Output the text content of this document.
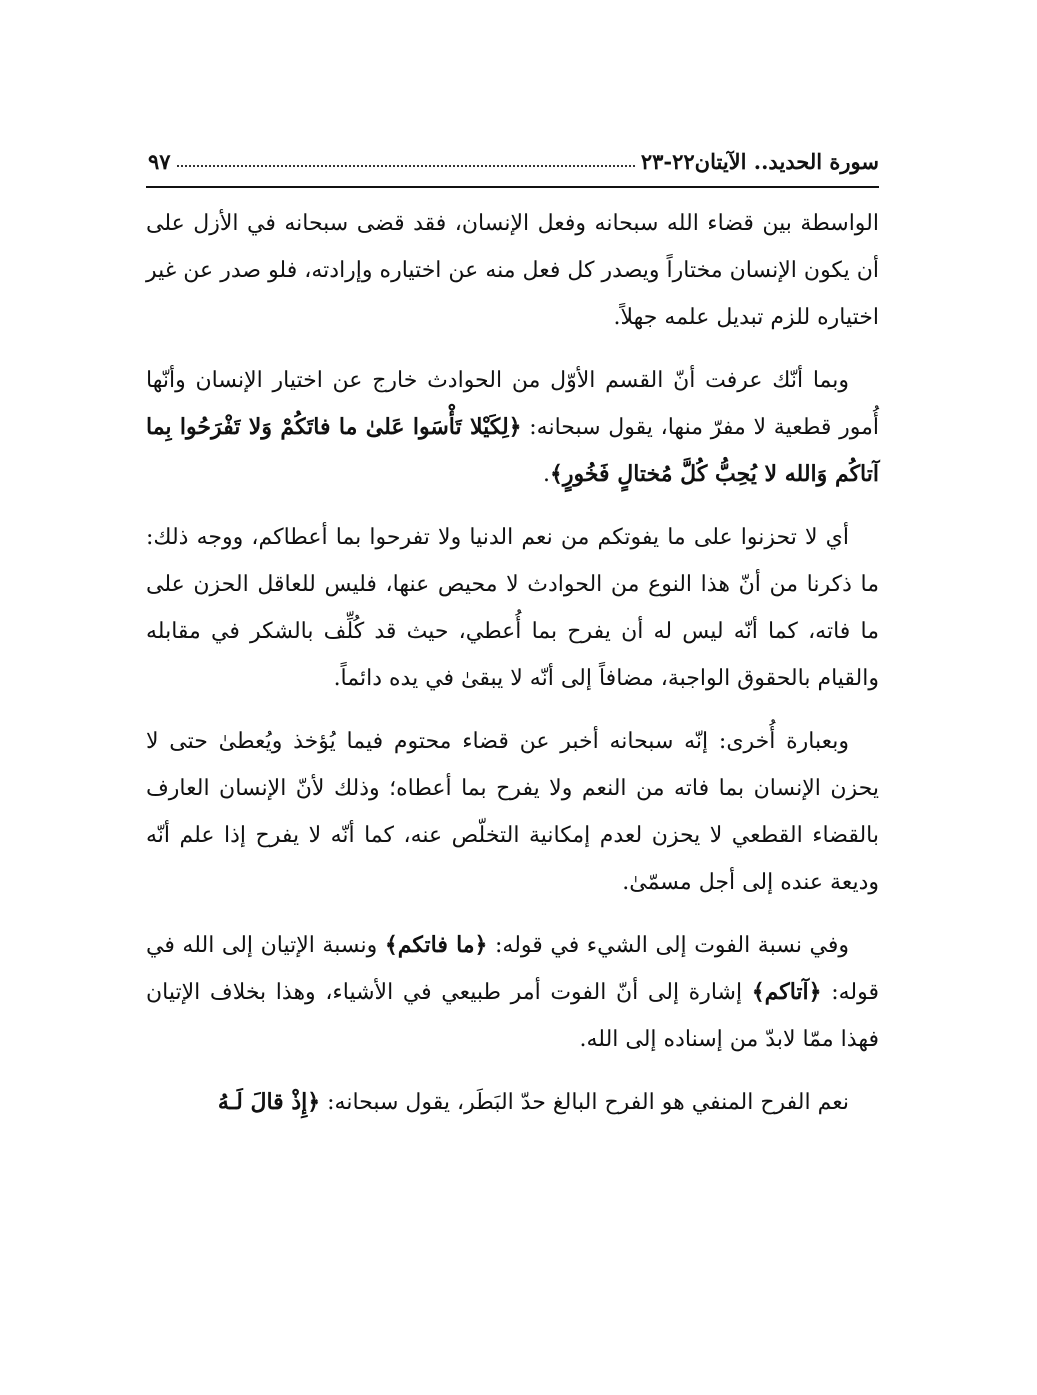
سورة الحديد.. الآيتان٢٢-٢٣
٩٧

الواسطة بين قضاء الله سبحانه وفعل الإنسان، فقد قضى سبحانه في الأزل على أن يكون الإنسان مختاراً ويصدر كل فعل منه عن اختياره وإرادته، فلو صدر عن غير اختياره للزم تبديل علمه جهلاً.

وبما أنّك عرفت أنّ القسم الأوّل من الحوادث خارج عن اختيار الإنسان وأنّها أُمور قطعية لا مفرّ منها، يقول سبحانه: ﴿لِكَيْلا تَأْسَوا عَلىٰ ما فاتَكُمْ وَلا تَفْرَحُوا بِما آتاكُم وَالله لا يُحِبُّ كُلَّ مُختالٍ فَخُورٍ﴾.

أي لا تحزنوا على ما يفوتكم من نعم الدنيا ولا تفرحوا بما أعطاكم، ووجه ذلك: ما ذكرنا من أنّ هذا النوع من الحوادث لا محيص عنها، فليس للعاقل الحزن على ما فاته، كما أنّه ليس له أن يفرح بما أُعطي، حيث قد كُلِّف بالشكر في مقابله والقيام بالحقوق الواجبة، مضافاً إلى أنّه لا يبقىٰ في يده دائماً.

وبعبارة أُخرى: إنّه سبحانه أخبر عن قضاء محتوم فيما يُؤخذ ويُعطىٰ حتى لا يحزن الإنسان بما فاته من النعم ولا يفرح بما أعطاه؛ وذلك لأنّ الإنسان العارف بالقضاء القطعي لا يحزن لعدم إمكانية التخلّص عنه، كما أنّه لا يفرح إذا علم أنّه وديعة عنده إلى أجل مسمّىٰ.

وفي نسبة الفوت إلى الشيء في قوله: ﴿ما فاتكم﴾ ونسبة الإتيان إلى الله في قوله: ﴿آتاكم﴾ إشارة إلى أنّ الفوت أمر طبيعي في الأشياء، وهذا بخلاف الإتيان فهذا ممّا لابدّ من إسناده إلى الله.

نعم الفرح المنفي هو الفرح البالغ حدّ البَطَر، يقول سبحانه: ﴿إِذْ قالَ لَـهُ
